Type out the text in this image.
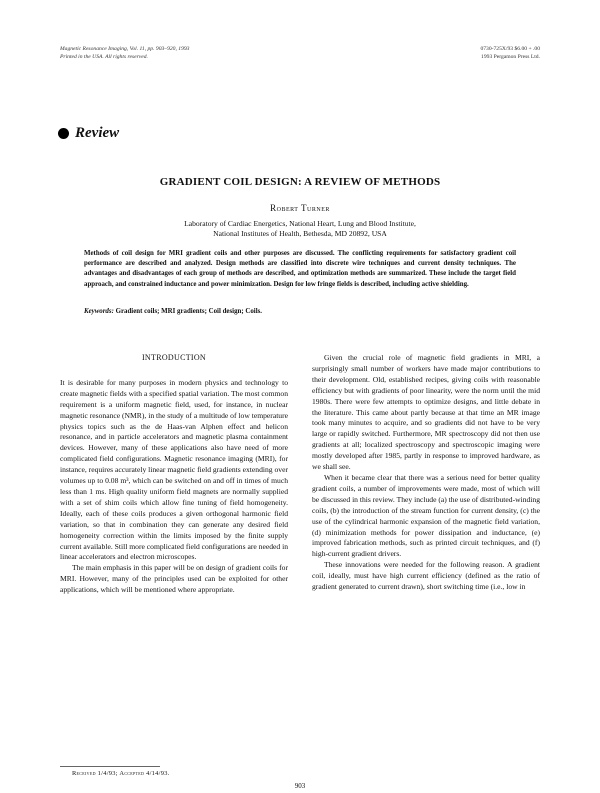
Magnetic Resonance Imaging, Vol. 11, pp. 903–920, 1993
Printed in the USA. All rights reserved.
0730-725X/93 $6.00 + .00
1993 Pergamon Press Ltd.
Review
GRADIENT COIL DESIGN: A REVIEW OF METHODS
Robert Turner
Laboratory of Cardiac Energetics, National Heart, Lung and Blood Institute,
National Institutes of Health, Bethesda, MD 20892, USA
Methods of coil design for MRI gradient coils and other purposes are discussed. The conflicting requirements for satisfactory gradient coil performance are described and analyzed. Design methods are classified into discrete wire techniques and current density techniques. The advantages and disadvantages of each group of methods are described, and optimization methods are summarized. These include the target field approach, and constrained inductance and power minimization. Design for low fringe fields is described, including active shielding.
Keywords: Gradient coils; MRI gradients; Coil design; Coils.
INTRODUCTION

It is desirable for many purposes in modern physics and technology to create magnetic fields with a specified spatial variation. The most common requirement is a uniform magnetic field, used, for instance, in nuclear magnetic resonance (NMR), in the study of a multitude of low temperature physics topics such as the de Haas-van Alphen effect and helicon resonance, and in particle accelerators and magnetic plasma containment devices. However, many of these applications also have need of more complicated field configurations. Magnetic resonance imaging (MRI), for instance, requires accurately linear magnetic field gradients extending over volumes up to 0.08 m³, which can be switched on and off in times of much less than 1 ms. High quality uniform field magnets are normally supplied with a set of shim coils which allow fine tuning of field homogeneity. Ideally, each of these coils produces a given orthogonal harmonic field variation, so that in combination they can generate any desired field homogeneity correction within the limits imposed by the finite supply current available. Still more complicated field configurations are needed in linear accelerators and electron microscopes.

The main emphasis in this paper will be on design of gradient coils for MRI. However, many of the principles used can be exploited for other applications, which will be mentioned where appropriate.

Given the crucial role of magnetic field gradients in MRI, a surprisingly small number of workers have made major contributions to their development. Old, established recipes, giving coils with reasonable efficiency but with gradients of poor linearity, were the norm until the mid 1980s. There were few attempts to optimize designs, and little debate in the literature. This came about partly because at that time an MR image took many minutes to acquire, and so gradients did not have to be very large or rapidly switched. Furthermore, MR spectroscopy did not then use gradients at all; localized spectroscopy and spectroscopic imaging were mostly developed after 1985, partly in response to improved hardware, as we shall see.

When it became clear that there was a serious need for better quality gradient coils, a number of improvements were made, most of which will be discussed in this review. They include (a) the use of distributed-winding coils, (b) the introduction of the stream function for current density, (c) the use of the cylindrical harmonic expansion of the magnetic field variation, (d) minimization methods for power dissipation and inductance, (e) improved fabrication methods, such as printed circuit techniques, and (f) high-current gradient drivers.

These innovations were needed for the following reason. A gradient coil, ideally, must have high current efficiency (defined as the ratio of gradient generated to current drawn), short switching time (i.e., low in

Received 1/4/93; Accepted 4/14/93.
903
